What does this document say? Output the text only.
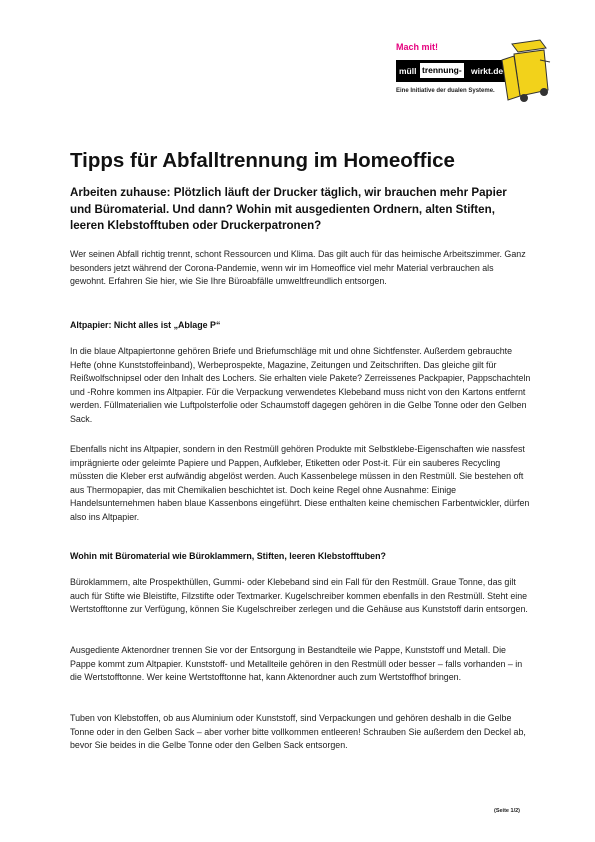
Mach mit!
müll trennung- wirkt.de
Eine Initiative der dualen Systeme.
Tipps für Abfalltrennung im Homeoffice

Arbeiten zuhause: Plötzlich läuft der Drucker täglich, wir brauchen mehr Papier und Büromaterial. Und dann? Wohin mit ausgedienten Ordnern, alten Stiften, leeren Klebstofftuben oder Druckerpatronen?

Wer seinen Abfall richtig trennt, schont Ressourcen und Klima. Das gilt auch für das heimische Arbeitszimmer. Ganz besonders jetzt während der Corona-Pandemie, wenn wir im Homeoffice viel mehr Material verbrauchen als gewohnt. Erfahren Sie hier, wie Sie Ihre Büroabfälle umweltfreundlich entsorgen.

Altpapier: Nicht alles ist „Ablage P“

In die blaue Altpapiertonne gehören Briefe und Briefumschläge mit und ohne Sichtfenster. Außerdem gebrauchte Hefte (ohne Kunststoffeinband), Werbeprospekte, Magazine, Zeitungen und Zeitschriften. Das gleiche gilt für Reißwolfschnipsel oder den Inhalt des Lochers. Sie erhalten viele Pakete? Zerreissenes Packpapier, Pappschachteln und -Rohre kommen ins Altpapier. Für die Verpackung verwendetes Klebeband muss nicht von den Kartons entfernt werden. Füllmaterialien wie Luftpolsterfolie oder Schaumstoff dagegen gehören in die Gelbe Tonne oder den Gelben Sack.

Ebenfalls nicht ins Altpapier, sondern in den Restmüll gehören Produkte mit Selbstklebe-Eigenschaften wie nassfest imprägnierte oder geleimte Papiere und Pappen, Aufkleber, Etiketten oder Post-it. Für ein sauberes Recycling müssten die Kleber erst aufwändig abgelöst werden. Auch Kassenbelege müssen in den Restmüll. Sie bestehen oft aus Thermopapier, das mit Chemikalien beschichtet ist. Doch keine Regel ohne Ausnahme: Einige Handelsunternehmen haben blaue Kassenbons eingeführt. Diese enthalten keine chemischen Farbentwickler, dürfen also ins Altpapier.

Wohin mit Büromaterial wie Büroklammern, Stiften, leeren Klebstofftuben?

Büroklammern, alte Prospekthüllen, Gummi- oder Klebeband sind ein Fall für den Restmüll. Graue Tonne, das gilt auch für Stifte wie Bleistifte, Filzstifte oder Textmarker. Kugelschreiber kommen ebenfalls in den Restmüll. Steht eine Wertstofftonne zur Verfügung, können Sie Kugelschreiber zerlegen und die Gehäuse aus Kunststoff darin entsorgen.

Ausgediente Aktenordner trennen Sie vor der Entsorgung in Bestandteile wie Pappe, Kunststoff und Metall. Die Pappe kommt zum Altpapier. Kunststoff- und Metallteile gehören in den Restmüll oder besser – falls vorhanden – in die Wertstofftonne. Wer keine Wertstofftonne hat, kann Aktenordner auch zum Wertstoffhof bringen.

Tuben von Klebstoffen, ob aus Aluminium oder Kunststoff, sind Verpackungen und gehören deshalb in die Gelbe Tonne oder in den Gelben Sack – aber vorher bitte vollkommen entleeren! Schrauben Sie außerdem den Deckel ab, bevor Sie beides in die Gelbe Tonne oder den Gelben Sack entsorgen.

(Seite 1/2)
